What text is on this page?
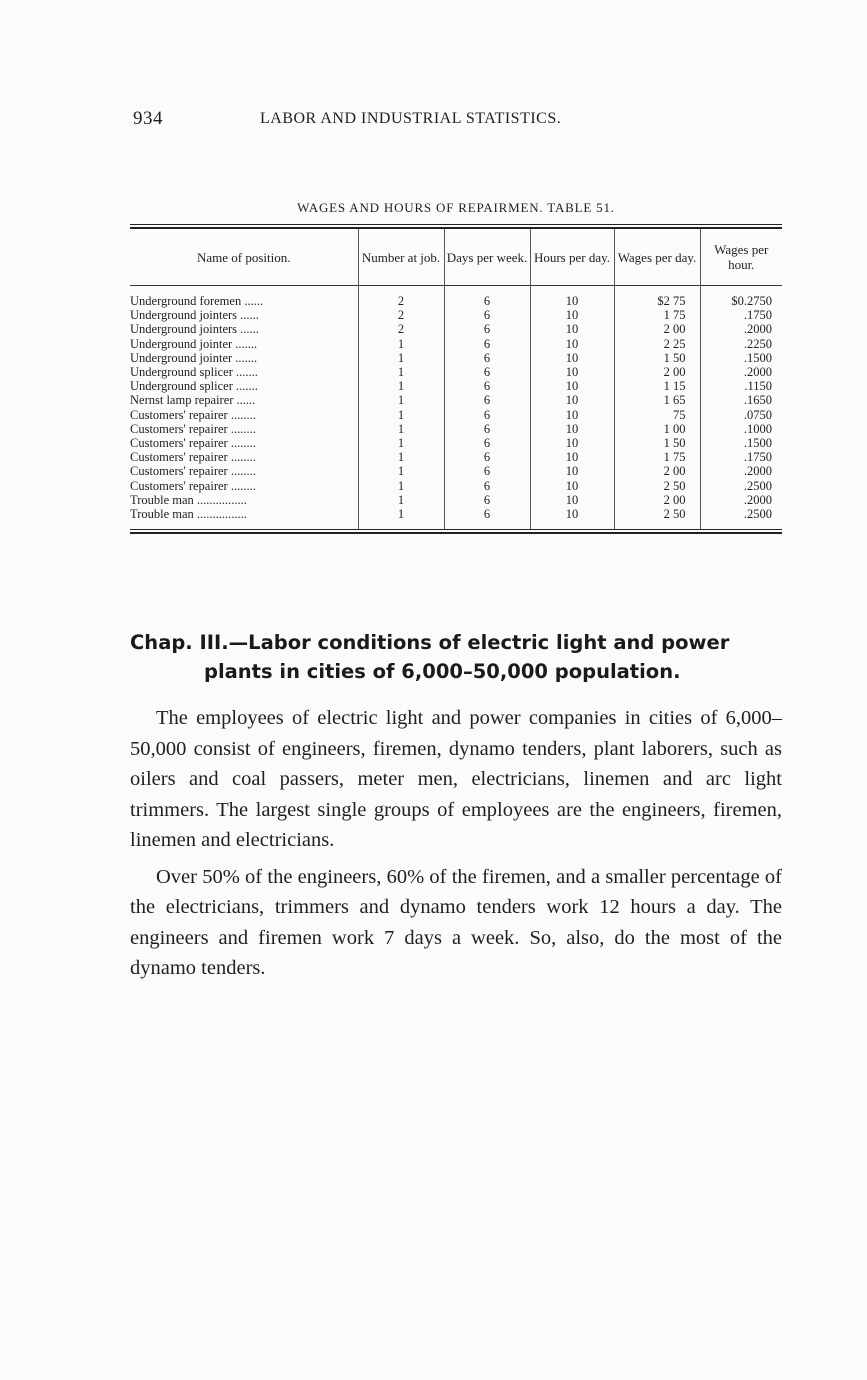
934	LABOR AND INDUSTRIAL STATISTICS.
WAGES AND HOURS OF REPAIRMEN. TABLE 51.
Name of position.	Number at job.	Days per week.	Hours per day.	Wages per day.	Wages per hour.
Underground foremen ......	2	6	10	$2 75	$0.2750
Underground jointers ......	2	6	10	1 75	.1750
Underground jointers ......	2	6	10	2 00	.2000
Underground jointer .......	1	6	10	2 25	.2250
Underground jointer .......	1	6	10	1 50	.1500
Underground splicer .......	1	6	10	2 00	.2000
Underground splicer .......	1	6	10	1 15	.1150
Nernst lamp repairer ......	1	6	10	1 65	.1650
Customers' repairer ........	1	6	10	75	.0750
Customers' repairer ........	1	6	10	1 00	.1000
Customers' repairer ........	1	6	10	1 50	.1500
Customers' repairer ........	1	6	10	1 75	.1750
Customers' repairer ........	1	6	10	2 00	.2000
Customers' repairer ........	1	6	10	2 50	.2500
Trouble man ................	1	6	10	2 00	.2000
Trouble man ................	1	6	10	2 50	.2500
Chap. III.—Labor conditions of electric light and power
plants in cities of 6,000–50,000 population.

The employees of electric light and power companies in cities of 6,000–50,000 consist of engineers, firemen, dynamo tenders, plant laborers, such as oilers and coal passers, meter men, electricians, linemen and arc light trimmers. The largest single groups of employees are the engineers, firemen, linemen and electricians.

Over 50% of the engineers, 60% of the firemen, and a smaller percentage of the electricians, trimmers and dynamo tenders work 12 hours a day. The engineers and firemen work 7 days a week. So, also, do the most of the dynamo tenders.
